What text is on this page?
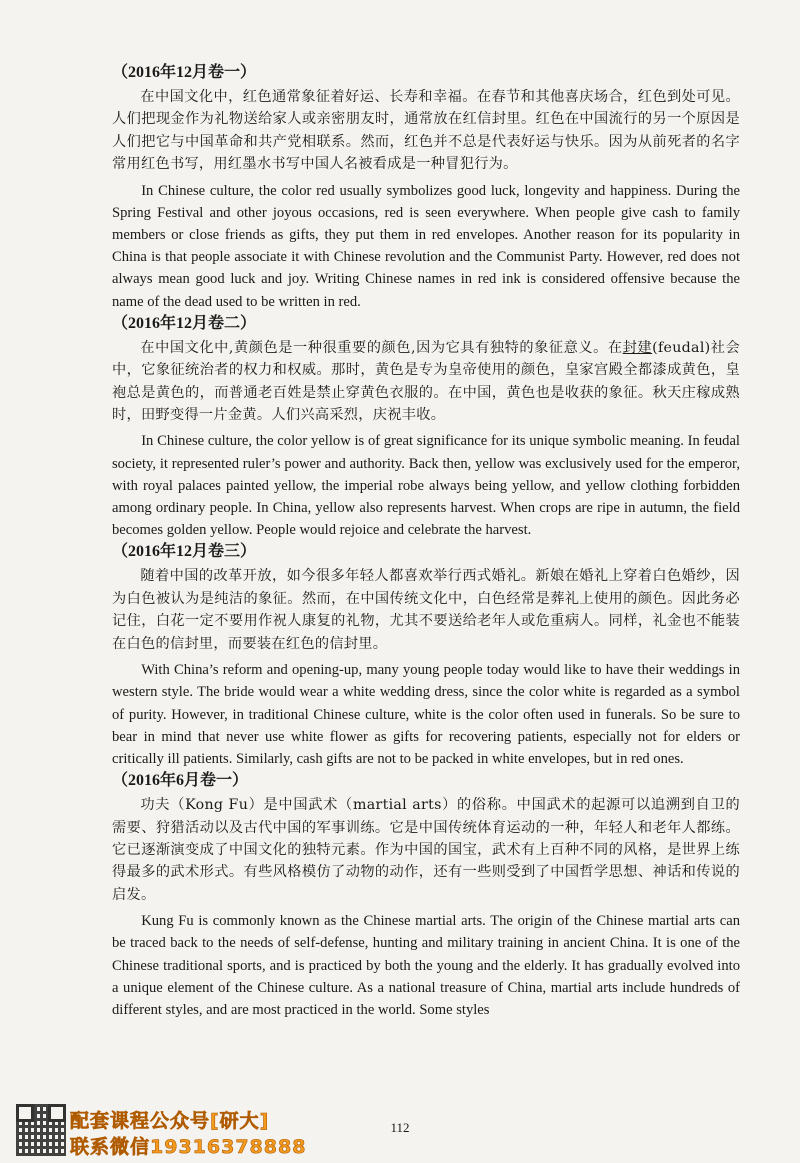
（2016年12月卷一）

在中国文化中，红色通常象征着好运、长寿和幸福。在春节和其他喜庆场合，红色到处可见。人们把现金作为礼物送给家人或亲密朋友时，通常放在红信封里。红色在中国流行的另一个原因是人们把它与中国革命和共产党相联系。然而，红色并不总是代表好运与快乐。因为从前死者的名字常用红色书写，用红墨水书写中国人名被看成是一种冒犯行为。

In Chinese culture, the color red usually symbolizes good luck, longevity and happiness. During the Spring Festival and other joyous occasions, red is seen everywhere. When people give cash to family members or close friends as gifts, they put them in red envelopes. Another reason for its popularity in China is that people associate it with Chinese revolution and the Communist Party. However, red does not always mean good luck and joy. Writing Chinese names in red ink is considered offensive because the name of the dead used to be written in red.

（2016年12月卷二）

在中国文化中,黄颜色是一种很重要的颜色,因为它具有独特的象征意义。在封建(feudal)社会中，它象征统治者的权力和权威。那时，黄色是专为皇帝使用的颜色，皇家宫殿全都漆成黄色，皇袍总是黄色的，而普通老百姓是禁止穿黄色衣服的。在中国，黄色也是收获的象征。秋天庄稼成熟时，田野变得一片金黄。人们兴高采烈，庆祝丰收。

In Chinese culture, the color yellow is of great significance for its unique symbolic meaning. In feudal society, it represented ruler’s power and authority. Back then, yellow was exclusively used for the emperor, with royal palaces painted yellow, the imperial robe always being yellow, and yellow clothing forbidden among ordinary people. In China, yellow also represents harvest. When crops are ripe in autumn, the field becomes golden yellow. People would rejoice and celebrate the harvest.

（2016年12月卷三）

随着中国的改革开放，如今很多年轻人都喜欢举行西式婚礼。新娘在婚礼上穿着白色婚纱，因为白色被认为是纯洁的象征。然而，在中国传统文化中，白色经常是葬礼上使用的颜色。因此务必记住，白花一定不要用作祝人康复的礼物，尤其不要送给老年人或危重病人。同样，礼金也不能装在白色的信封里，而要装在红色的信封里。

With China’s reform and opening-up, many young people today would like to have their weddings in western style. The bride would wear a white wedding dress, since the color white is regarded as a symbol of purity. However, in traditional Chinese culture, white is the color often used in funerals. So be sure to bear in mind that never use white flower as gifts for recovering patients, especially not for elders or critically ill patients. Similarly, cash gifts are not to be packed in white envelopes, but in red ones.

（2016年6月卷一）

功夫（Kong Fu）是中国武术（martial arts）的俗称。中国武术的起源可以追溯到自卫的需要、狩猎活动以及古代中国的军事训练。它是中国传统体育运动的一种，年轻人和老年人都练。它已逐渐演变成了中国文化的独特元素。作为中国的国宝，武术有上百种不同的风格，是世界上练得最多的武术形式。有些风格模仿了动物的动作，还有一些则受到了中国哲学思想、神话和传说的启发。

Kung Fu is commonly known as the Chinese martial arts. The origin of the Chinese martial arts can be traced back to the needs of self-defense, hunting and military training in ancient China. It is one of the Chinese traditional sports, and is practiced by both the young and the elderly. It has gradually evolved into a unique element of the Chinese culture. As a national treasure of China, martial arts include hundreds of different styles, and are most practiced in the world. Some styles

112
配套课程公众号[研大]
联系微信19316378888
